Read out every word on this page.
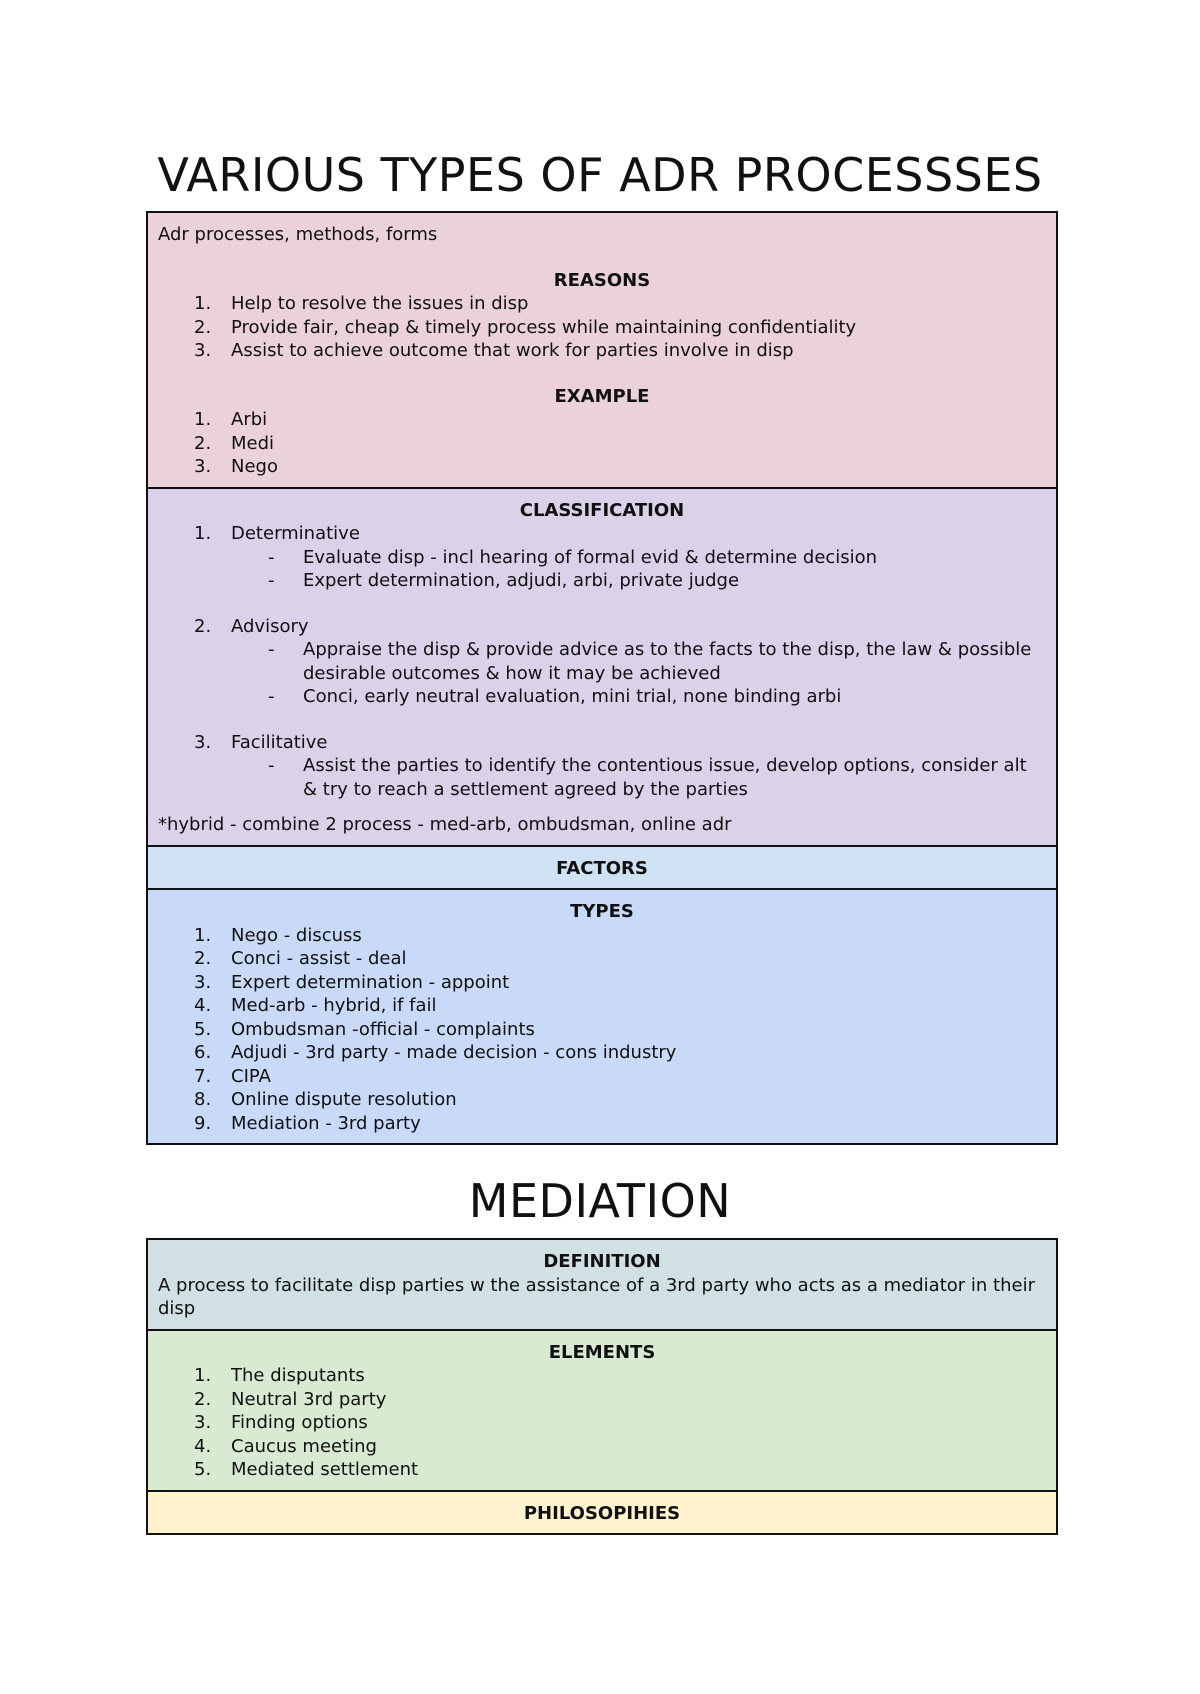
VARIOUS TYPES OF ADR PROCESSSES

Adr processes, methods, forms

REASONS

1.	Help to resolve the issues in disp
2.	Provide fair, cheap & timely process while maintaining confidentiality
3.	Assist to achieve outcome that work for parties involve in disp

EXAMPLE

1.	Arbi
2.	Medi
3.	Nego

CLASSIFICATION

1.	Determinative
- Evaluate disp - incl hearing of formal evid & determine decision
- Expert determination, adjudi, arbi, private judge
2.	Advisory
- Appraise the disp & provide advice as to the facts to the disp, the law & possible desirable outcomes & how it may be achieved
- Conci, early neutral evaluation, mini trial, none binding arbi
3.	Facilitative
- Assist the parties to identify the contentious issue, develop options, consider alt & try to reach a settlement agreed by the parties

*hybrid - combine 2 process - med-arb, ombudsman, online adr

FACTORS

TYPES

1.	Nego - discuss
2.	Conci - assist - deal
3.	Expert determination - appoint
4.	Med-arb - hybrid, if fail
5.	Ombudsman -official - complaints
6.	Adjudi - 3rd party - made decision - cons industry
7.	CIPA
8.	Online dispute resolution
9.	Mediation - 3rd party
MEDIATION

DEFINITION

A process to facilitate disp parties w the assistance of a 3rd party who acts as a mediator in their disp

ELEMENTS

1.	The disputants
2.	Neutral 3rd party
3.	Finding options
4.	Caucus meeting
5.	Mediated settlement

PHILOSOPIHIES
